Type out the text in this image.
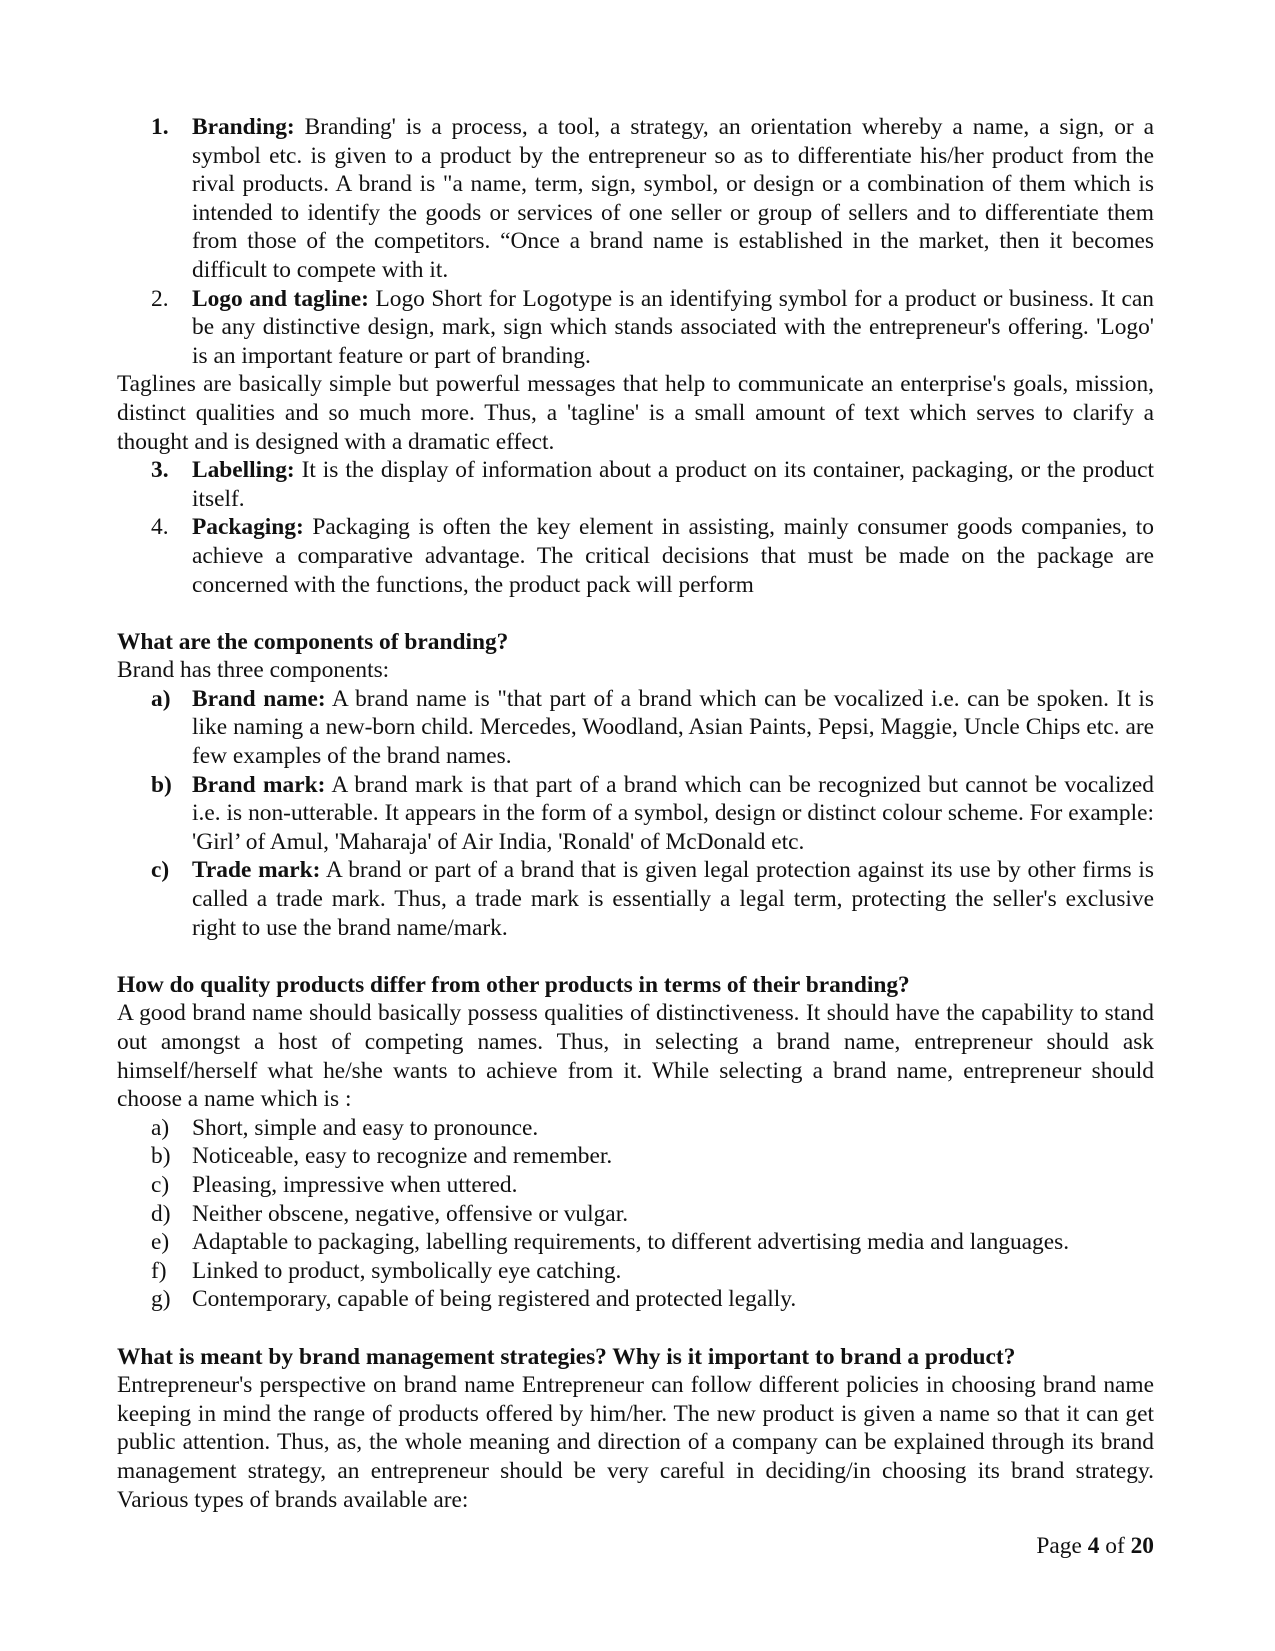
1. Branding: Branding' is a process, a tool, a strategy, an orientation whereby a name, a sign, or a symbol etc. is given to a product by the entrepreneur so as to differentiate his/her product from the rival products. A brand is "a name, term, sign, symbol, or design or a combination of them which is intended to identify the goods or services of one seller or group of sellers and to differentiate them from those of the competitors. “Once a brand name is established in the market, then it becomes difficult to compete with it.
2. Logo and tagline: Logo Short for Logotype is an identifying symbol for a product or business. It can be any distinctive design, mark, sign which stands associated with the entrepreneur's offering. 'Logo' is an important feature or part of branding.

Taglines are basically simple but powerful messages that help to communicate an enterprise's goals, mission, distinct qualities and so much more. Thus, a 'tagline' is a small amount of text which serves to clarify a thought and is designed with a dramatic effect.

3. Labelling: It is the display of information about a product on its container, packaging, or the product itself.
4. Packaging: Packaging is often the key element in assisting, mainly consumer goods companies, to achieve a comparative advantage. The critical decisions that must be made on the package are concerned with the functions, the product pack will perform

What are the components of branding?

Brand has three components:

a) Brand name: A brand name is "that part of a brand which can be vocalized i.e. can be spoken. It is like naming a new-born child. Mercedes, Woodland, Asian Paints, Pepsi, Maggie, Uncle Chips etc. are few examples of the brand names.
b) Brand mark: A brand mark is that part of a brand which can be recognized but cannot be vocalized i.e. is non-utterable. It appears in the form of a symbol, design or distinct colour scheme. For example: 'Girl’ of Amul, 'Maharaja' of Air India, 'Ronald' of McDonald etc.
c) Trade mark: A brand or part of a brand that is given legal protection against its use by other firms is called a trade mark. Thus, a trade mark is essentially a legal term, protecting the seller's exclusive right to use the brand name/mark.

How do quality products differ from other products in terms of their branding?

A good brand name should basically possess qualities of distinctiveness. It should have the capability to stand out amongst a host of competing names. Thus, in selecting a brand name, entrepreneur should ask himself/herself what he/she wants to achieve from it. While selecting a brand name, entrepreneur should choose a name which is :

a) Short, simple and easy to pronounce.
b) Noticeable, easy to recognize and remember.
c) Pleasing, impressive when uttered.
d) Neither obscene, negative, offensive or vulgar.
e) Adaptable to packaging, labelling requirements, to different advertising media and languages.
f) Linked to product, symbolically eye catching.
g) Contemporary, capable of being registered and protected legally.

What is meant by brand management strategies? Why is it important to brand a product?

Entrepreneur's perspective on brand name Entrepreneur can follow different policies in choosing brand name keeping in mind the range of products offered by him/her. The new product is given a name so that it can get public attention. Thus, as, the whole meaning and direction of a company can be explained through its brand management strategy, an entrepreneur should be very careful in deciding/in choosing its brand strategy. Various types of brands available are:

Page 4 of 20
